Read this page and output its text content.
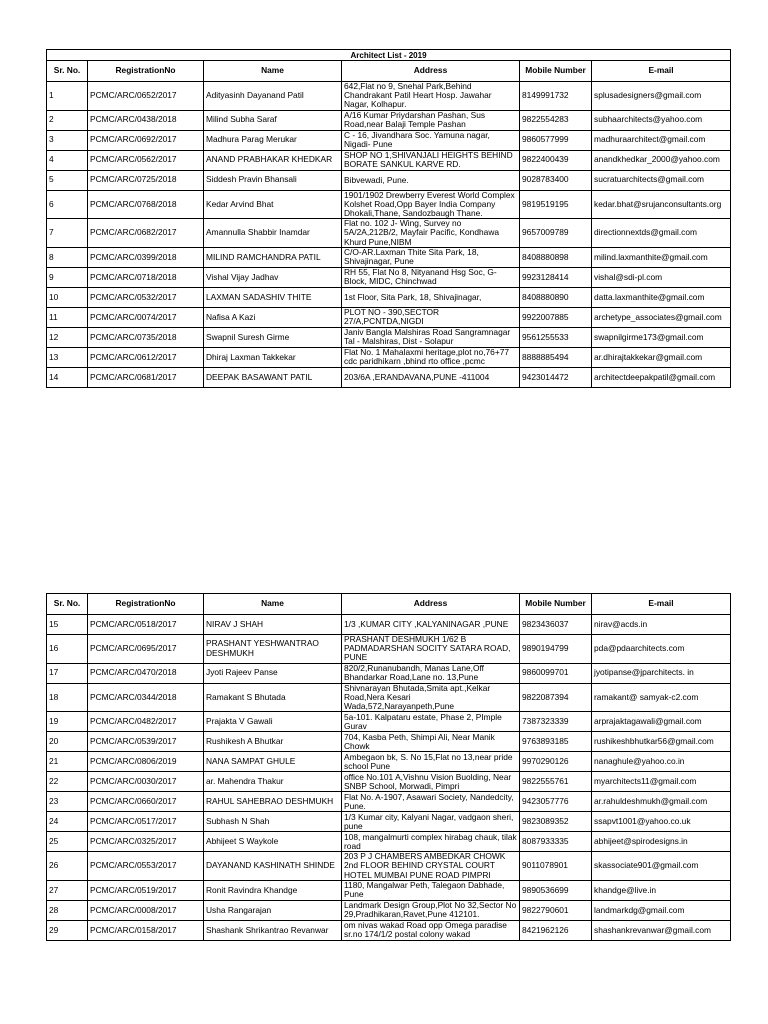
Architect List - 2019					
Sr. No.	RegistrationNo	Name	Address	Mobile Number	E-mail
1	PCMC/ARC/0652/2017	Adityasinh Dayanand Patil	642,Flat no 9, Snehal Park,Behind Chandrakant Patil Heart Hosp. Jawahar Nagar, Kolhapur.	8149991732	splusadesigners@gmail.com
2	PCMC/ARC/0438/2018	Milind Subha Saraf	A/16 Kumar Priydarshan Pashan, Sus Road,near Balaji Temple Pashan	9822554283	subhaarchitects@yahoo.com
3	PCMC/ARC/0692/2017	Madhura Parag Merukar	C - 16, Jivandhara Soc. Yamuna nagar, Nigadi- Pune	9860577999	madhuraarchitect@gmail.com
4	PCMC/ARC/0562/2017	ANAND PRABHAKAR KHEDKAR	SHOP NO 1,SHIVANJALI HEIGHTS BEHIND BORATE SANKUL KARVE RD.	9822400439	anandkhedkar_2000@yahoo.com
5	PCMC/ARC/0725/2018	Siddesh Pravin Bhansali	Bibvewadi, Pune.	9028783400	sucratuarchitects@gmail.com
6	PCMC/ARC/0768/2018	Kedar Arvind Bhat	1901/1902 Drewberry Everest World Complex Kolshet Road,Opp Bayer India Company Dhokali,Thane, Sandozbaugh Thane.	9819519195	kedar.bhat@srujanconsultants.org
7	PCMC/ARC/0682/2017	Amannulla Shabbir Inamdar	Flat no. 102 J- Wing, Survey no 5A/2A,212B/2, Mayfair Pacific, Kondhawa Khurd Pune,NIBM	9657009789	directionnextds@gmail.com
8	PCMC/ARC/0399/2018	MILIND RAMCHANDRA PATIL	C/O-AR.Laxman Thite Sita Park, 18, Shivajinagar, Pune	8408880898	milind.laxmanthite@gmail.com
9	PCMC/ARC/0718/2018	Vishal Vijay Jadhav	RH 55, Flat No 8, Nityanand Hsg Soc, G-Block, MIDC, Chinchwad	9923128414	vishal@sdi-pl.com
10	PCMC/ARC/0532/2017	LAXMAN SADASHIV THITE	1st Floor, Sita Park, 18, Shivajinagar,	8408880890	datta.laxmanthite@gmail.com
11	PCMC/ARC/0074/2017	Nafisa A Kazi	PLOT NO - 390,SECTOR 27/A,PCNTDA,NIGDI	9922007885	archetype_associates@gmail.com
12	PCMC/ARC/0735/2018	Swapnil Suresh Girme	Janiv Bangla Malshiras Road Sangramnagar Tal - Malshiras, Dist - Solapur	9561255533	swapnilgirme173@gmail.com
13	PCMC/ARC/0612/2017	Dhiraj Laxman Takkekar	Flat No. 1 Mahalaxmi heritage,plot no,76+77 cdc paridhikarn ,bhind rto office ,pcmc	8888885494	ar.dhirajtakkekar@gmail.com
14	PCMC/ARC/0681/2017	DEEPAK BASAWANT PATIL	203/6A ,ERANDAVANA,PUNE -411004	9423014472	architectdeepakpatil@gmail.com
Sr. No.	RegistrationNo	Name	Address	Mobile Number	E-mail
15	PCMC/ARC/0518/2017	NIRAV J SHAH	1/3 ,KUMAR CITY ,KALYANINAGAR ,PUNE	9823436037	nirav@acds.in
16	PCMC/ARC/0695/2017	PRASHANT YESHWANTRAO DESHMUKH	PRASHANT DESHMUKH 1/62 B PADMADARSHAN SOCITY SATARA ROAD, PUNE	9890194799	pda@pdaarchitects.com
17	PCMC/ARC/0470/2018	Jyoti Rajeev Panse	820/2,Runanubandh, Manas Lane,Off Bhandarkar Road,Lane no. 13,Pune	9860099701	jyotipanse@jparchitects. in
18	PCMC/ARC/0344/2018	Ramakant S Bhutada	Shivnarayan Bhutada,Smita apt.,Kelkar Road,Nera Kesari Wada,572,Narayanpeth,Pune	9822087394	ramakant@ samyak-c2.com
19	PCMC/ARC/0482/2017	Prajakta V Gawali	5a-101. Kalpataru estate, Phase 2, PImple Gurav	7387323339	arprajaktagawali@gmail.com
20	PCMC/ARC/0539/2017	Rushikesh A Bhutkar	704, Kasba Peth, Shimpi Ali, Near Manik Chowk	9763893185	rushikeshbhutkar56@gmail.com
21	PCMC/ARC/0806/2019	NANA SAMPAT GHULE	Ambegaon bk, S. No 15,Flat no 13,near pride school Pune	9970290126	nanaghule@yahoo.co.in
22	PCMC/ARC/0030/2017	ar. Mahendra Thakur	office No.101 A,Vishnu Vision Buolding, Near SNBP School, Morwadi, Pimpri	9822555761	myarchitects11@gmail.com
23	PCMC/ARC/0660/2017	RAHUL SAHEBRAO DESHMUKH	Flat No. A-1907, Asawari Society, Nandedcity, Pune.	9423057776	ar.rahuldeshmukh@gmail.com
24	PCMC/ARC/0517/2017	Subhash N Shah	1/3 Kumar city, Kalyani Nagar, vadgaon sheri, pune	9823089352	ssapvt1001@yahoo.co.uk
25	PCMC/ARC/0325/2017	Abhijeet S Waykole	108, mangalmurti complex hirabag chauk, tilak road	8087933335	abhijeet@spirodesigns.in
26	PCMC/ARC/0553/2017	DAYANAND KASHINATH SHINDE	203 P J CHAMBERS AMBEDKAR CHOWK 2nd FLOOR BEHIND CRYSTAL COURT HOTEL MUMBAI PUNE ROAD PIMPRI	9011078901	skassociate901@gmail.com
27	PCMC/ARC/0519/2017	Ronit Ravindra Khandge	1180, Mangalwar Peth, Talegaon Dabhade, Pune	9890536699	khandge@live.in
28	PCMC/ARC/0008/2017	Usha Rangarajan	Landmark Design Group,Plot No 32,Sector No 29,Pradhikaran,Ravet,Pune 412101.	9822790601	landmarkdg@gmail.com
29	PCMC/ARC/0158/2017	Shashank Shrikantrao Revanwar	om nivas wakad Road opp Omega paradise sr.no 174/1/2 postal colony wakad	8421962126	shashankrevanwar@gmail.com
